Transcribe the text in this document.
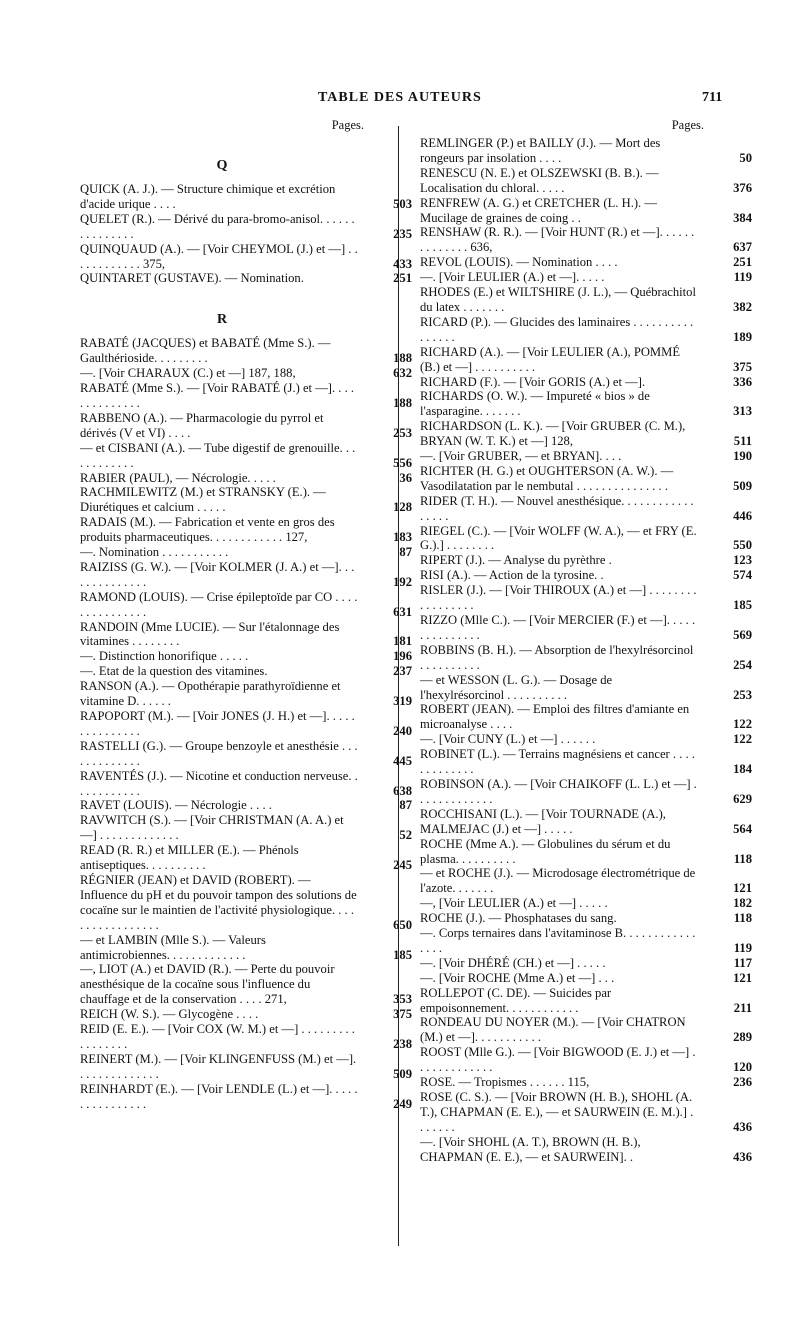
TABLE DES AUTEURS	711
Pages.
Q
QUICK (A. J.). — Structure chimique et excrétion d'acide urique . . . .	503
QUELET (R.). — Dérivé du para-bromo-anisol. . . . . . . . . . . . . . .	235
QUINQUAUD (A.). — [Voir CHEYMOL (J.) et —] . . . . . . . . . . . . 375,	433
QUINTARET (GUSTAVE). — Nomination.	251
R
RABATÉ (JACQUES) et BABATÉ (Mme S.). — Gaulthérioside. . . . . . . . .	188
—. [Voir CHARAUX (C.) et —] 187, 188,	632
RABATÉ (Mme S.). — [Voir RABATÉ (J.) et —]. . . . . . . . . . . . . .	188
RABBENO (A.). — Pharmacologie du pyrrol et dérivés (V et VI) . . . .	253
— et CISBANI (A.). — Tube digestif de grenouille. . . . . . . . . . . .	556
RABIER (PAUL), — Nécrologie. . . . .	36
RACHMILEWITZ (M.) et STRANSKY (E.). — Diurétiques et calcium . . . . .	128
RADAIS (M.). — Fabrication et vente en gros des produits pharmaceutiques. . . . . . . . . . . . 127,	183
—. Nomination . . . . . . . . . . .	87
RAIZISS (G. W.). — [Voir KOLMER (J. A.) et —]. . . . . . . . . . . . . .	192
RAMOND (LOUIS). — Crise épileptoïde par CO . . . . . . . . . . . . . . .	631
RANDOIN (Mme LUCIE). — Sur l'étalonnage des vitamines . . . . . . . .	181
—. Distinction honorifique . . . . .	196
—. Etat de la question des vitamines.	237
RANSON (A.). — Opothérapie parathyroïdienne et vitamine D. . . . . .	319
RAPOPORT (M.). — [Voir JONES (J. H.) et —]. . . . . . . . . . . . . . .	240
RASTELLI (G.). — Groupe benzoyle et anesthésie . . . . . . . . . . . . .	445
RAVENTÉS (J.). — Nicotine et conduction nerveuse. . . . . . . . . . . .	638
RAVET (LOUIS). — Nécrologie . . . .	87
RAVWITCH (S.). — [Voir CHRISTMAN (A. A.) et —] . . . . . . . . . . . . .	52
READ (R. R.) et MILLER (E.). — Phénols antiseptiques. . . . . . . . . .	245
RÉGNIER (JEAN) et DAVID (ROBERT). — Influence du pH et du pouvoir tampon des solutions de cocaïne sur le maintien de l'activité physiologique. . . . . . . . . . . . . . . . .	650
— et LAMBIN (Mlle S.). — Valeurs antimicrobiennes. . . . . . . . . . . . .	185
—, LIOT (A.) et DAVID (R.). — Perte du pouvoir anesthésique de la cocaïne sous l'influence du chauffage et de la conservation . . . . 271,	353
REICH (W. S.). — Glycogène . . . .	375
REID (E. E.). — [Voir COX (W. M.) et —] . . . . . . . . . . . . . . . . .	238
REINERT (M.). — [Voir KLINGENFUSS (M.) et —]. . . . . . . . . . . . . .	509
REINHARDT (E.). — [Voir LENDLE (L.) et —]. . . . . . . . . . . . . . . .	249
Pages.
REMLINGER (P.) et BAILLY (J.). — Mort des rongeurs par insolation . . . .	50
RENESCU (N. E.) et OLSZEWSKI (B. B.). — Localisation du chloral. . . . .	376
RENFREW (A. G.) et CRETCHER (L. H.). — Mucilage de graines de coing . .	384
RENSHAW (R. R.). — [Voir HUNT (R.) et —]. . . . . . . . . . . . . . 636,	637
REVOL (LOUIS). — Nomination . . . .	251
—. [Voir LEULIER (A.) et —]. . . . .	119
RHODES (E.) et WILTSHIRE (J. L.), — Québrachitol du latex . . . . . . .	382
RICARD (P.). — Glucides des laminaires . . . . . . . . . . . . . . . .	189
RICHARD (A.). — [Voir LEULIER (A.), POMMÉ (B.) et —] . . . . . . . . . .	375
RICHARD (F.). — [Voir GORIS (A.) et —].	336
RICHARDS (O. W.). — Impureté « bios » de l'asparagine. . . . . . .	313
RICHARDSON (L. K.). — [Voir GRUBER (C. M.), BRYAN (W. T. K.) et —] 128,	511
—. [Voir GRUBER, — et BRYAN]. . . .	190
RICHTER (H. G.) et OUGHTERSON (A. W.). — Vasodilatation par le nembutal . . . . . . . . . . . . . . .	509
RIDER (T. H.). — Nouvel anesthésique. . . . . . . . . . . . . . . . .	446
RIEGEL (C.). — [Voir WOLFF (W. A.), — et FRY (E. G.).] . . . . . . . .	550
RIPERT (J.). — Analyse du pyrèthre .	123
RISI (A.). — Action de la tyrosine. .	574
RISLER (J.). — [Voir THIROUX (A.) et —] . . . . . . . . . . . . . . . . .	185
RIZZO (Mlle C.). — [Voir MERCIER (F.) et —]. . . . . . . . . . . . . . .	569
ROBBINS (B. H.). — Absorption de l'hexylrésorcinol . . . . . . . . . .	254
— et WESSON (L. G.). — Dosage de l'hexylrésorcinol . . . . . . . . . .	253
ROBERT (JEAN). — Emploi des filtres d'amiante en microanalyse . . . .	122
—. [Voir CUNY (L.) et —] . . . . . .	122
ROBINET (L.). — Terrains magnésiens et cancer . . . . . . . . . . . . .	184
ROBINSON (A.). — [Voir CHAIKOFF (L. L.) et —] . . . . . . . . . . . . .	629
ROCCHISANI (L.). — [Voir TOURNADE (A.), MALMEJAC (J.) et —] . . . . .	564
ROCHE (Mme A.). — Globulines du sérum et du plasma. . . . . . . . . .	118
— et ROCHE (J.). — Microdosage électrométrique de l'azote. . . . . . .	121
—, [Voir LEULIER (A.) et —] . . . . .	182
ROCHE (J.). — Phosphatases du sang.	118
—. Corps ternaires dans l'avitaminose B. . . . . . . . . . . . . . . .	119
—. [Voir DHÉRÉ (CH.) et —] . . . . .	117
—. [Voir ROCHE (Mme A.) et —] . . .	121
ROLLEPOT (C. DE). — Suicides par empoisonnement. . . . . . . . . . . .	211
RONDEAU DU NOYER (M.). — [Voir CHATRON (M.) et —]. . . . . . . . . . .	289
ROOST (Mlle G.). — [Voir BIGWOOD (E. J.) et —] . . . . . . . . . . . . .	120
ROSE. — Tropismes . . . . . . 115,	236
ROSE (C. S.). — [Voir BROWN (H. B.), SHOHL (A. T.), CHAPMAN (E. E.), — et SAURWEIN (E. M.).] . . . . . . .	436
—. [Voir SHOHL (A. T.), BROWN (H. B.), CHAPMAN (E. E.), — et SAURWEIN]. .	436
